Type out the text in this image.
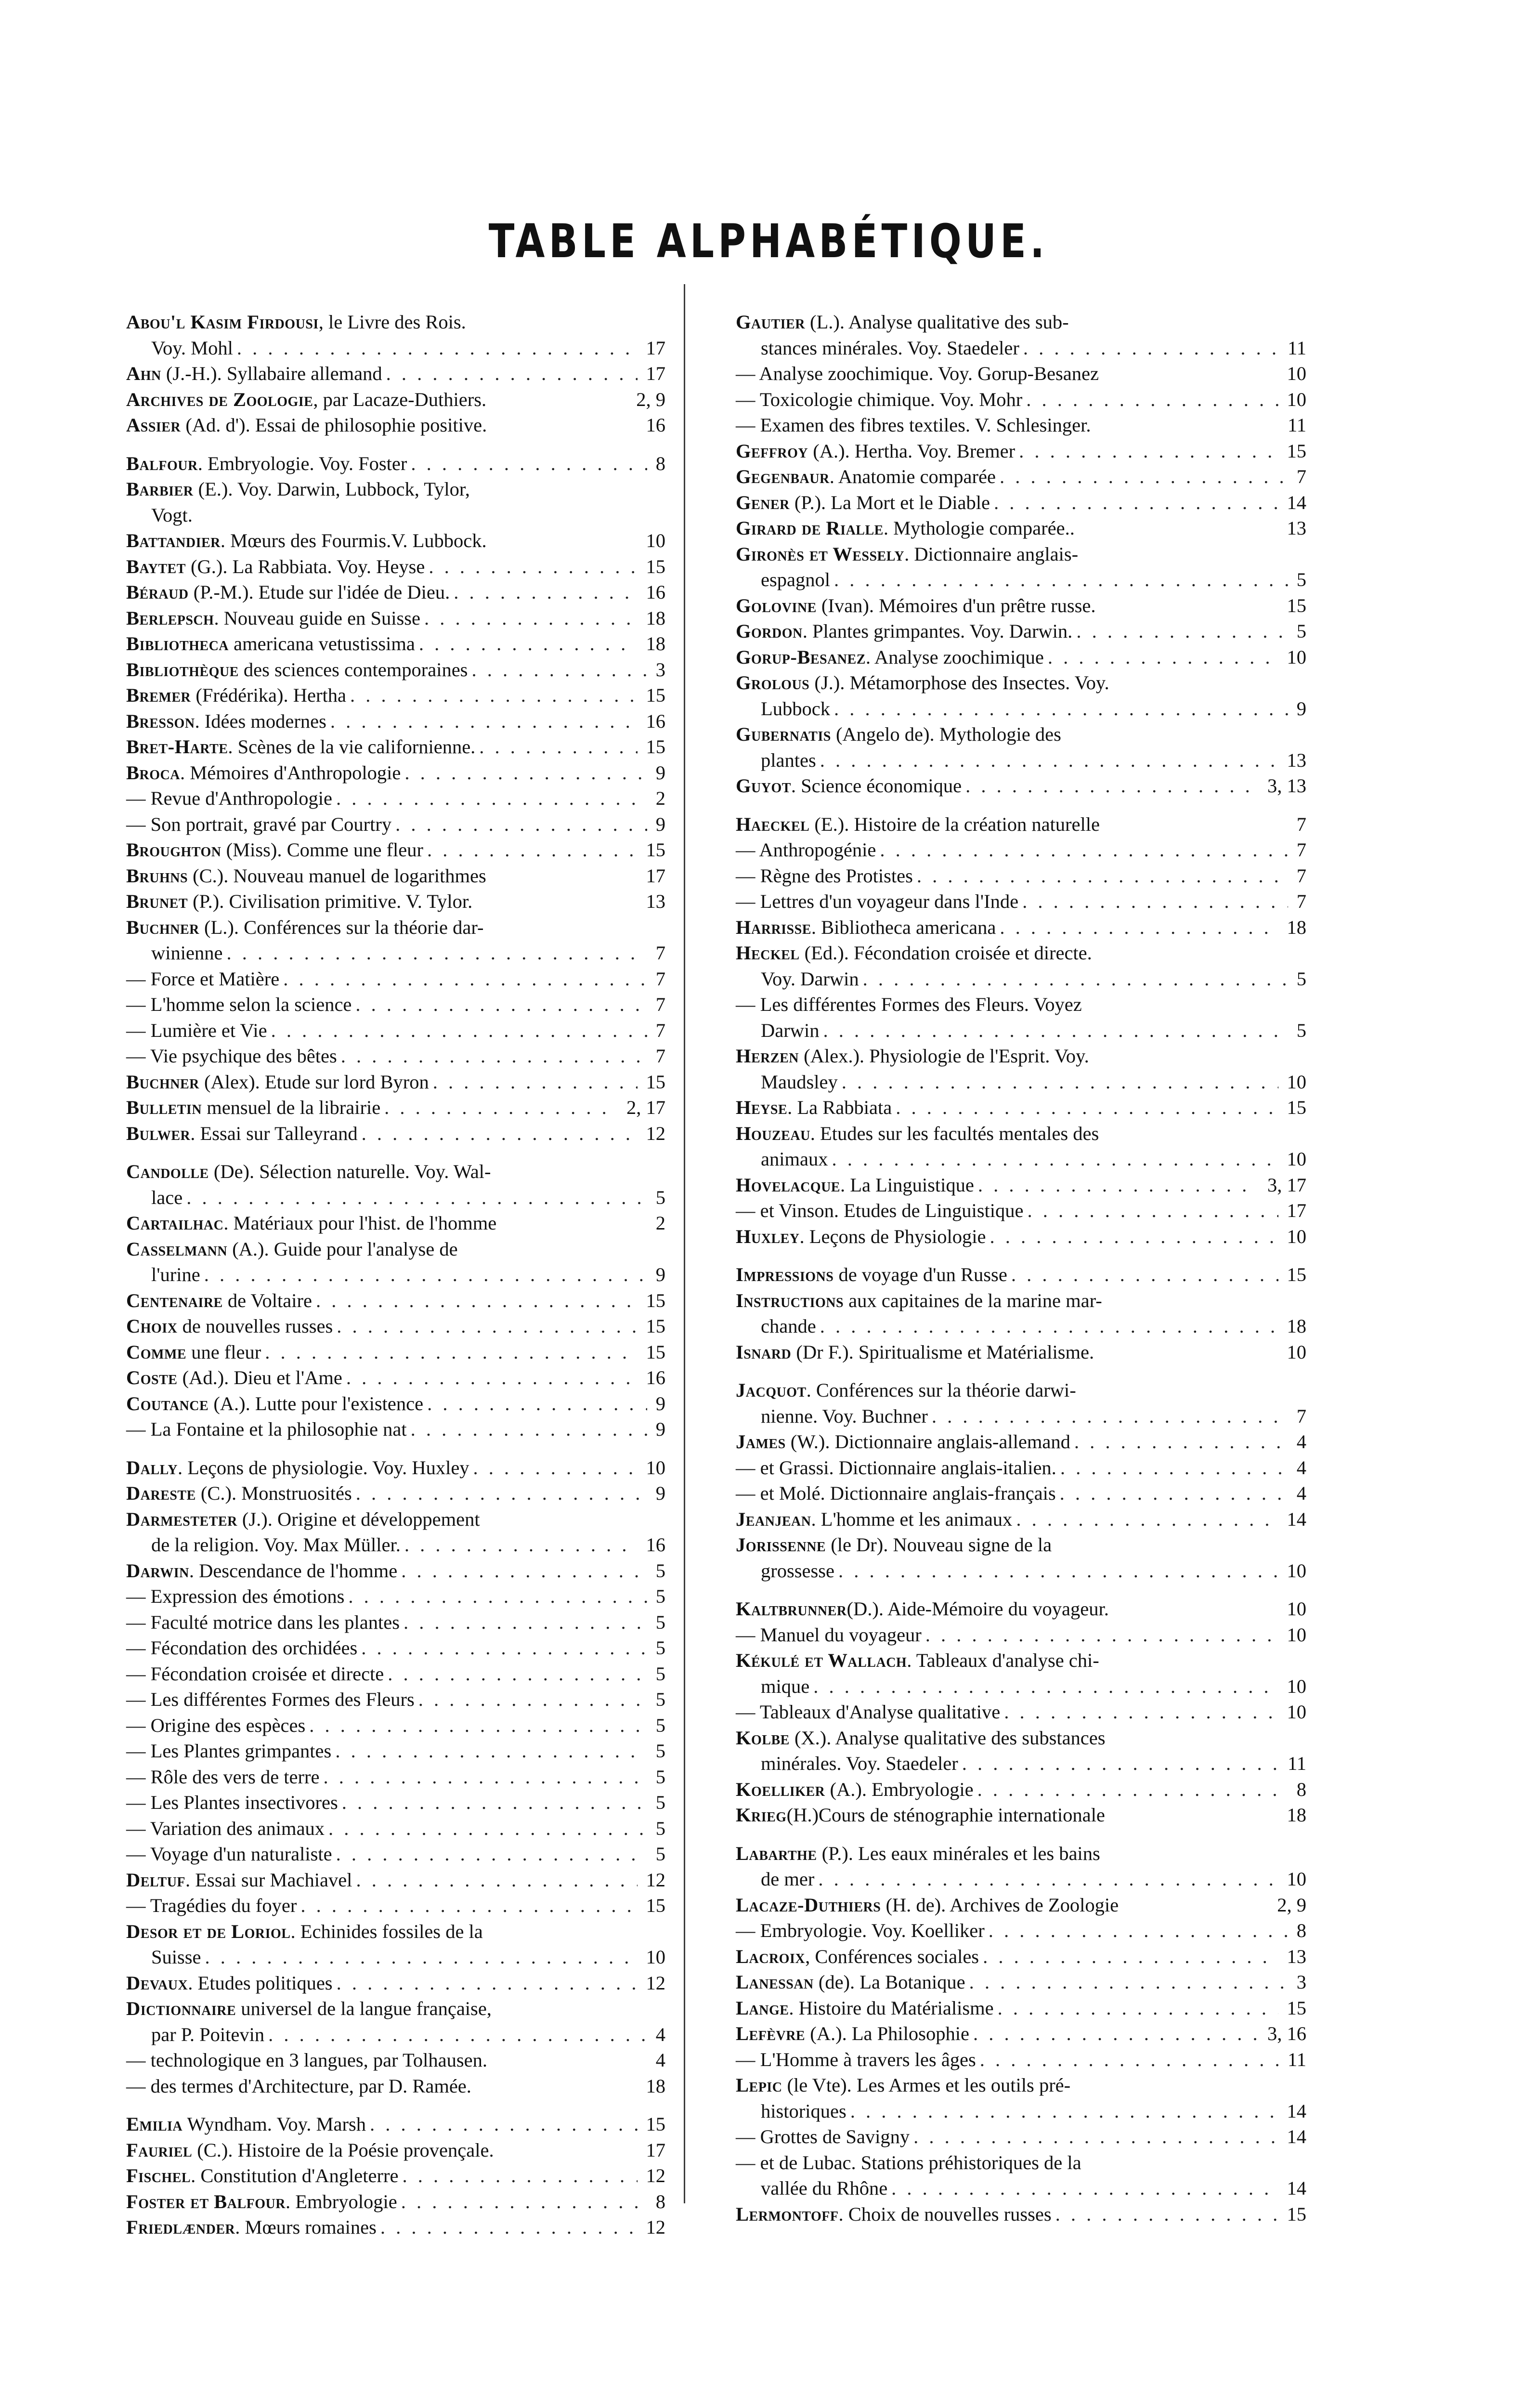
TABLE ALPHABÉTIQUE.
Abou'l Kasim Firdousi, le Livre des Rois.
Voy. Mohl . . .	17
Ahn (J.-H.). Syllabaire allemand . . .	17
Archives de Zoologie, par Lacaze-Duthiers.	2, 9
Assier (Ad. d'). Essai de philosophie positive.	16
Balfour. Embryologie. Voy. Foster . . .	8
Barbier (E.). Voy. Darwin, Lubbock, Tylor,
Vogt.
Battandier. Mœurs des Fourmis.V. Lubbock.	10
Baytet (G.). La Rabbiata. Voy. Heyse . . .	15
Béraud (P.-M.). Etude sur l'idée de Dieu. . . .	16
Berlepsch. Nouveau guide en Suisse . . .	18
Bibliotheca americana vetustissima . . .	18
Bibliothèque des sciences contemporaines . . .	3
Bremer (Frédérika). Hertha . . .	15
Bresson. Idées modernes . . .	16
Bret-Harte. Scènes de la vie californienne. . . .	15
Broca. Mémoires d'Anthropologie . . .	9
— Revue d'Anthropologie . . .	2
— Son portrait, gravé par Courtry . . .	9
Broughton (Miss). Comme une fleur . . .	15
Bruhns (C.). Nouveau manuel de logarithmes	17
Brunet (P.). Civilisation primitive. V. Tylor.	13
Buchner (L.). Conférences sur la théorie dar-
winienne . . .	7
— Force et Matière . . .	7
— L'homme selon la science . . .	7
— Lumière et Vie . . .	7
— Vie psychique des bêtes . . .	7
Buchner (Alex). Etude sur lord Byron . . .	15
Bulletin mensuel de la librairie . . .	2, 17
Bulwer. Essai sur Talleyrand . . .	12
Candolle (De). Sélection naturelle. Voy. Wal-
lace . . .	5
Cartailhac. Matériaux pour l'hist. de l'homme	2
Casselmann (A.). Guide pour l'analyse de
l'urine . . .	9
Centenaire de Voltaire . . .	15
Choix de nouvelles russes . . .	15
Comme une fleur . . .	15
Coste (Ad.). Dieu et l'Ame . . .	16
Coutance (A.). Lutte pour l'existence . . .	9
— La Fontaine et la philosophie nat . . .	9
Dally. Leçons de physiologie. Voy. Huxley . . .	10
Dareste (C.). Monstruosités . . .	9
Darmesteter (J.). Origine et développement
de la religion. Voy. Max Müller. . . .	16
Darwin. Descendance de l'homme . . .	5
— Expression des émotions . . .	5
— Faculté motrice dans les plantes . . .	5
— Fécondation des orchidées . . .	5
— Fécondation croisée et directe . . .	5
— Les différentes Formes des Fleurs . . .	5
— Origine des espèces . . .	5
— Les Plantes grimpantes . . .	5
— Rôle des vers de terre . . .	5
— Les Plantes insectivores . . .	5
— Variation des animaux . . .	5
— Voyage d'un naturaliste . . .	5
Deltuf. Essai sur Machiavel . . .	12
— Tragédies du foyer . . .	15
Desor et de Loriol. Echinides fossiles de la
Suisse . . .	10
Devaux. Etudes politiques . . .	12
Dictionnaire universel de la langue française,
par P. Poitevin . . .	4
— technologique en 3 langues, par Tolhausen.	4
— des termes d'Architecture, par D. Ramée.	18
Emilia Wyndham. Voy. Marsh . . .	15
Fauriel (C.). Histoire de la Poésie provençale.	17
Fischel. Constitution d'Angleterre . . .	12
Foster et Balfour. Embryologie . . .	8
Friedlænder. Mœurs romaines . . .	12
Gautier (L.). Analyse qualitative des sub-
stances minérales. Voy. Staedeler . . .	11
— Analyse zoochimique. Voy. Gorup-Besanez	10
— Toxicologie chimique. Voy. Mohr . . .	10
— Examen des fibres textiles. V. Schlesinger.	11
Geffroy (A.). Hertha. Voy. Bremer . . .	15
Gegenbaur. Anatomie comparée . . .	7
Gener (P.). La Mort et le Diable . . .	14
Girard de Rialle. Mythologie comparée..	13
Gironès et Wessely. Dictionnaire anglais-
espagnol . . .	5
Golovine (Ivan). Mémoires d'un prêtre russe.	15
Gordon. Plantes grimpantes. Voy. Darwin. . . .	5
Gorup-Besanez. Analyse zoochimique . . .	10
Grolous (J.). Métamorphose des Insectes. Voy.
Lubbock . . .	9
Gubernatis (Angelo de). Mythologie des
plantes . . .	13
Guyot. Science économique . . .	3, 13
Haeckel (E.). Histoire de la création naturelle	7
— Anthropogénie . . .	7
— Règne des Protistes . . .	7
— Lettres d'un voyageur dans l'Inde . . .	7
Harrisse. Bibliotheca americana . . .	18
Heckel (Ed.). Fécondation croisée et directe.
Voy. Darwin . . .	5
— Les différentes Formes des Fleurs. Voyez
Darwin . . .	5
Herzen (Alex.). Physiologie de l'Esprit. Voy.
Maudsley . . .	10
Heyse. La Rabbiata . . .	15
Houzeau. Etudes sur les facultés mentales des
animaux . . .	10
Hovelacque. La Linguistique . . .	3, 17
— et Vinson. Etudes de Linguistique . . .	17
Huxley. Leçons de Physiologie . . .	10
Impressions de voyage d'un Russe . . .	15
Instructions aux capitaines de la marine mar-
chande . . .	18
Isnard (Dr F.). Spiritualisme et Matérialisme.	10
Jacquot. Conférences sur la théorie darwi-
nienne. Voy. Buchner . . .	7
James (W.). Dictionnaire anglais-allemand . . .	4
— et Grassi. Dictionnaire anglais-italien. . . .	4
— et Molé. Dictionnaire anglais-français . . .	4
Jeanjean. L'homme et les animaux . . .	14
Jorissenne (le Dr). Nouveau signe de la
grossesse . . .	10
Kaltbrunner(D.). Aide-Mémoire du voyageur.	10
— Manuel du voyageur . . .	10
Kékulé et Wallach. Tableaux d'analyse chi-
mique . . .	10
— Tableaux d'Analyse qualitative . . .	10
Kolbe (X.). Analyse qualitative des substances
minérales. Voy. Staedeler . . .	11
Koelliker (A.). Embryologie . . .	8
Krieg(H.)Cours de sténographie internationale	18
Labarthe (P.). Les eaux minérales et les bains
de mer . . .	10
Lacaze-Duthiers (H. de). Archives de Zoologie	2, 9
— Embryologie. Voy. Koelliker . . .	8
Lacroix, Conférences sociales . . .	13
Lanessan (de). La Botanique . . .	3
Lange. Histoire du Matérialisme . . .	15
Lefèvre (A.). La Philosophie . . .	3, 16
— L'Homme à travers les âges . . .	11
Lepic (le Vte). Les Armes et les outils pré-
historiques . . .	14
— Grottes de Savigny . . .	14
— et de Lubac. Stations préhistoriques de la
vallée du Rhône . . .	14
Lermontoff. Choix de nouvelles russes . . .	15
